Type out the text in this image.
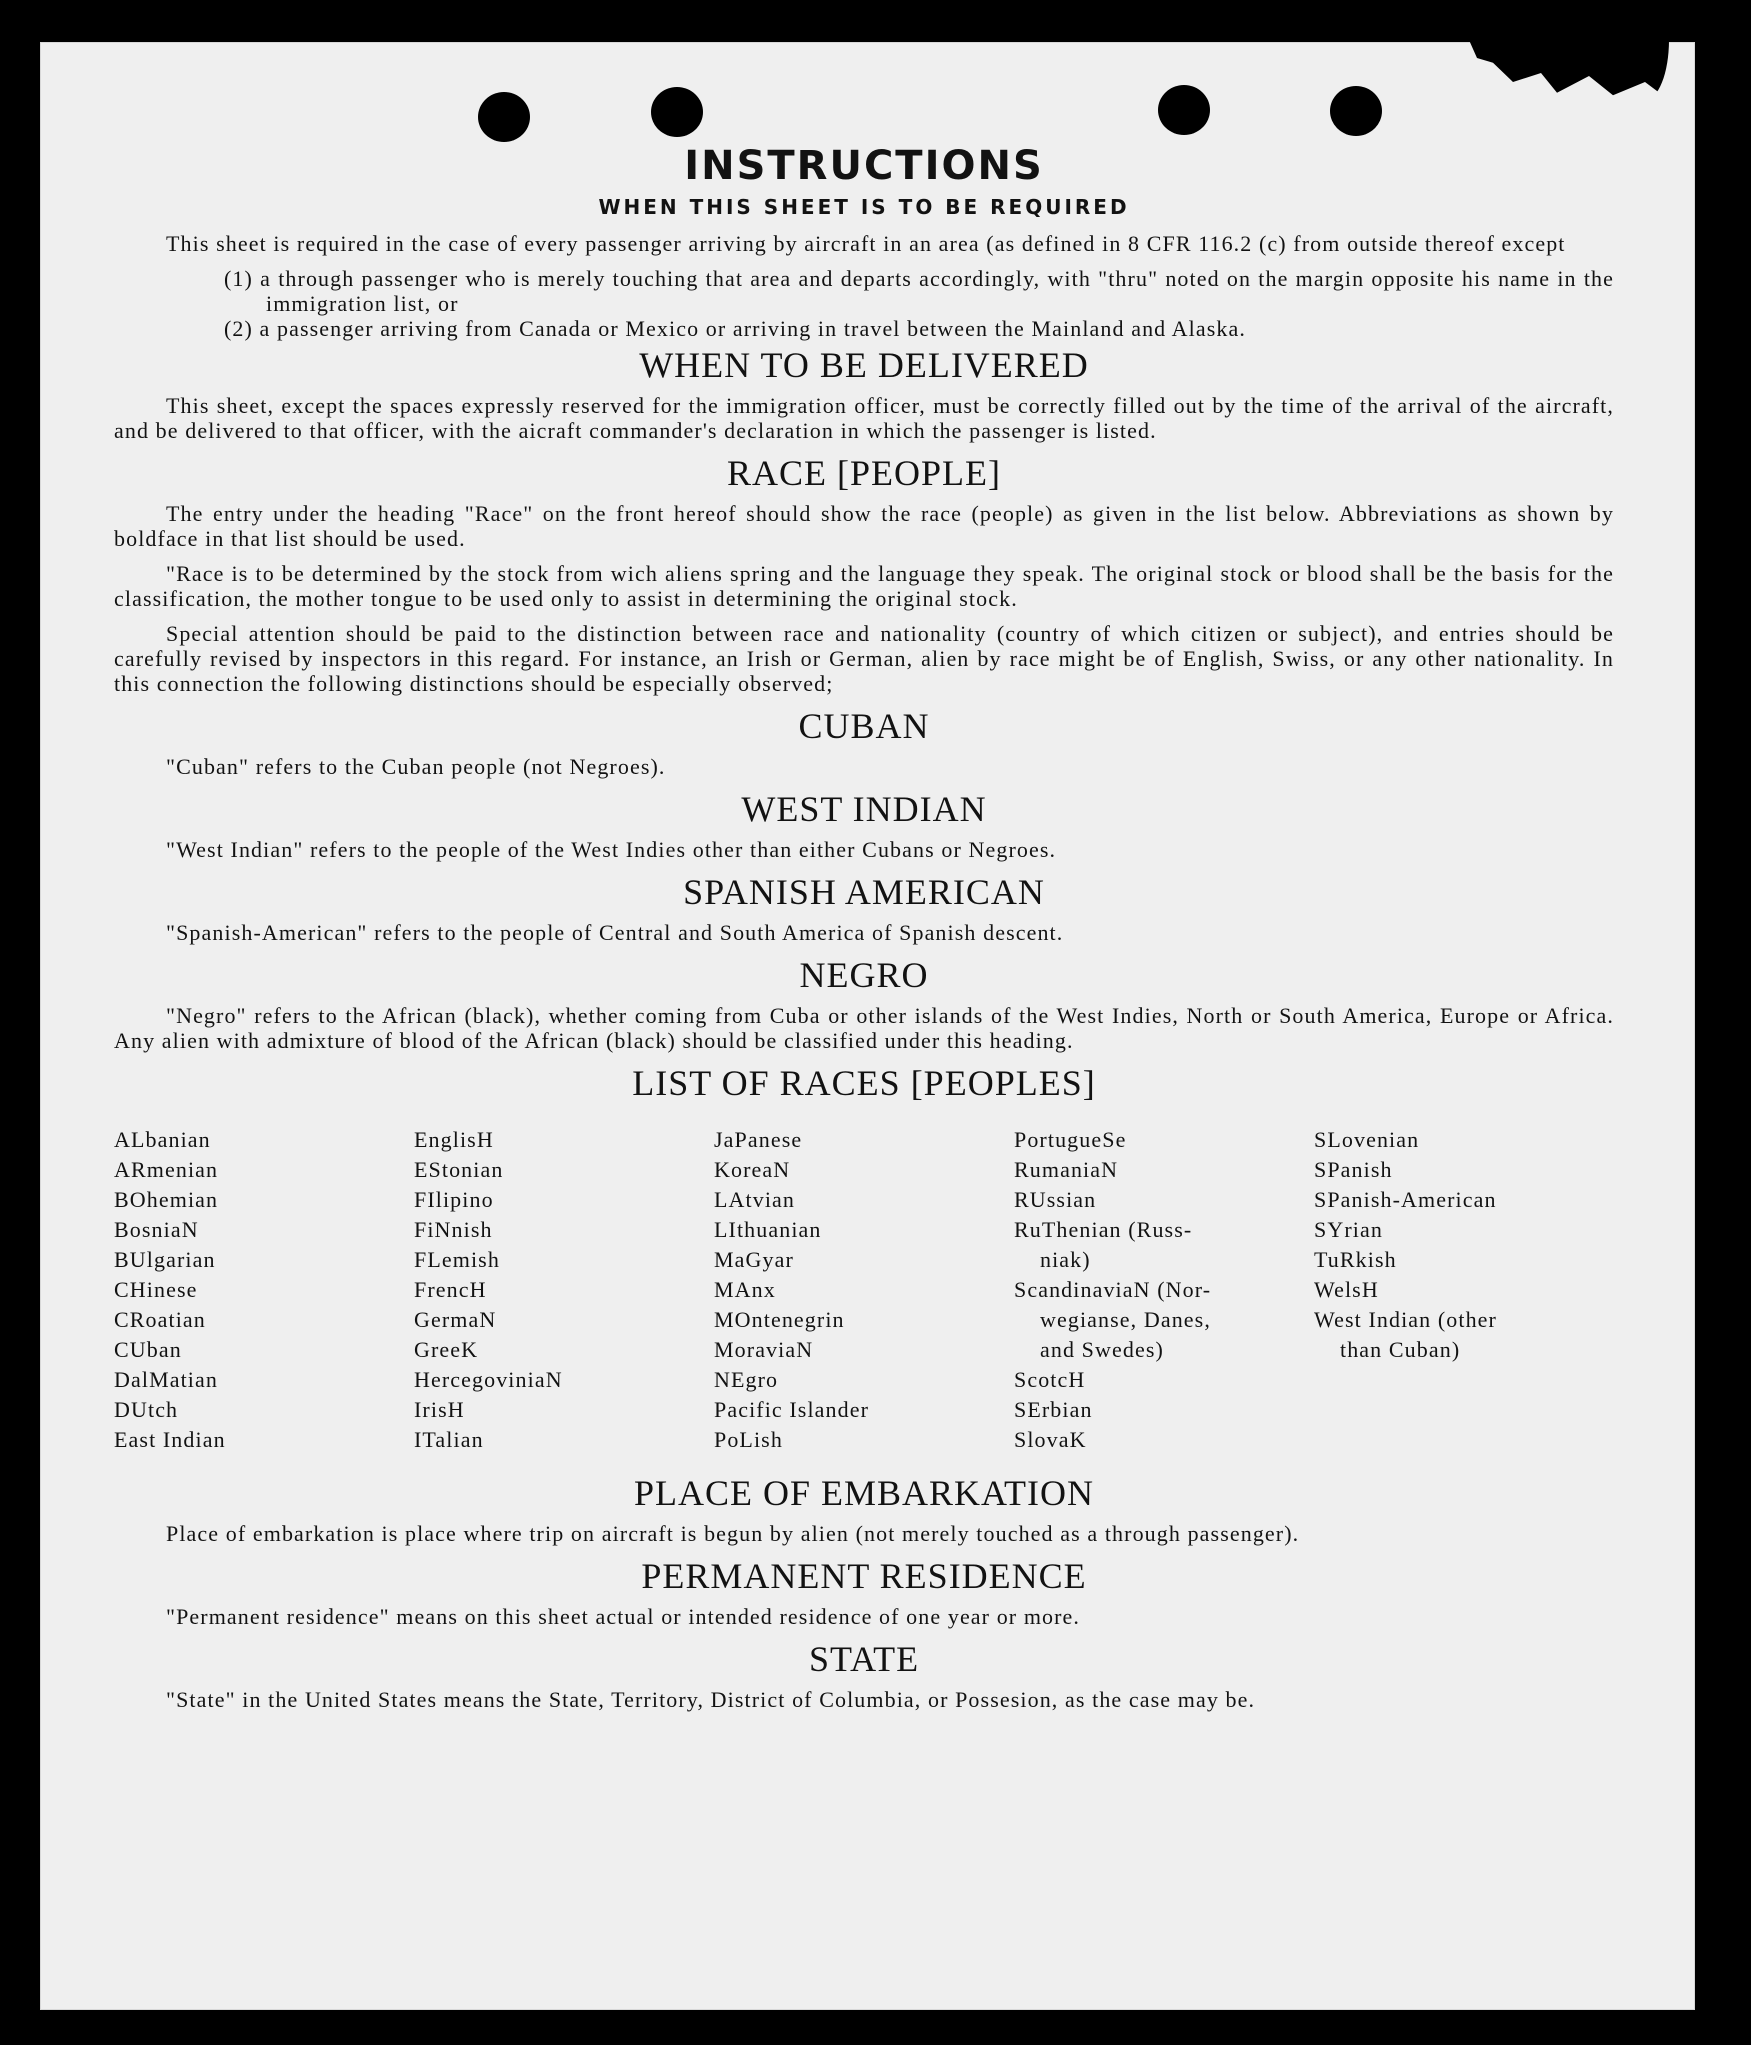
INSTRUCTIONS
WHEN THIS SHEET IS TO BE REQUIRED

This sheet is required in the case of every passenger arriving by aircraft in an area (as defined in 8 CFR 116.2 (c) from outside thereof except

(1) a through passenger who is merely touching that area and departs accordingly, with "thru" noted on the margin opposite his name in the immigration list, or

(2) a passenger arriving from Canada or Mexico or arriving in travel between the Mainland and Alaska.

WHEN TO BE DELIVERED

This sheet, except the spaces expressly reserved for the immigration officer, must be correctly filled out by the time of the arrival of the aircraft, and be delivered to that officer, with the aicraft commander's declaration in which the passenger is listed.

RACE [PEOPLE]

The entry under the heading "Race" on the front hereof should show the race (people) as given in the list below. Abbreviations as shown by boldface in that list should be used.

"Race is to be determined by the stock from wich aliens spring and the language they speak. The original stock or blood shall be the basis for the classification, the mother tongue to be used only to assist in determining the original stock.

Special attention should be paid to the distinction between race and nationality (country of which citizen or subject), and entries should be carefully revised by inspectors in this regard. For instance, an Irish or German, alien by race might be of English, Swiss, or any other nationality. In this connection the following distinctions should be especially observed;

CUBAN

"Cuban" refers to the Cuban people (not Negroes).

WEST INDIAN

"West Indian" refers to the people of the West Indies other than either Cubans or Negroes.

SPANISH AMERICAN

"Spanish-American" refers to the people of Central and South America of Spanish descent.

NEGRO

"Negro" refers to the African (black), whether coming from Cuba or other islands of the West Indies, North or South America, Europe or Africa. Any alien with admixture of blood of the African (black) should be classified under this heading.

LIST OF RACES [PEOPLES]
ALbanian
ARmenian
BOhemian
BosniaN
BUlgarian
CHinese
CRoatian
CUban
DalMatian
DUtch
East Indian
EnglisH
EStonian
FIlipino
FiNnish
FLemish
FrencH
GermaN
GreeK
HercegoviniaN
IrisH
ITalian
JaPanese
KoreaN
LAtvian
LIthuanian
MaGyar
MAnx
MOntenegrin
MoraviaN
NEgro
Pacific Islander
PoLish
PortugueSe
RumaniaN
RUssian
RuThenian (Russ-
niak)
ScandinaviaN (Nor-
wegianse, Danes,
and Swedes)
ScotcH
SErbian
SlovaK
SLovenian
SPanish
SPanish-American
SYrian
TuRkish
WelsH
West Indian (other
than Cuban)
PLACE OF EMBARKATION

Place of embarkation is place where trip on aircraft is begun by alien (not merely touched as a through passenger).

PERMANENT RESIDENCE

"Permanent residence" means on this sheet actual or intended residence of one year or more.

STATE

"State" in the United States means the State, Territory, District of Columbia, or Possesion, as the case may be.
